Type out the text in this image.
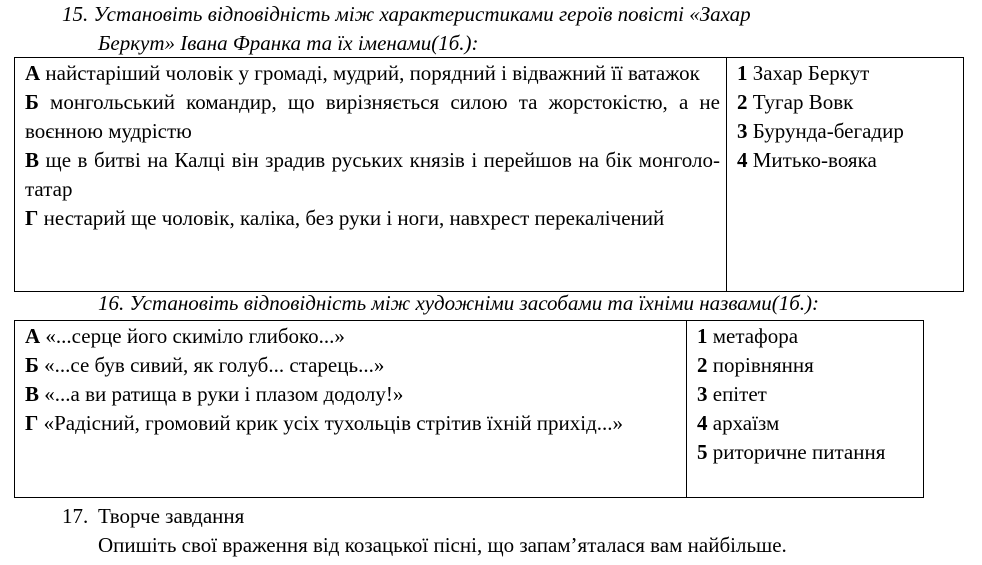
15. Установіть відповідність між характеристиками героїв повісті «Захар
Беркут» Івана Франка та їх іменами(1б.):

А найстаріший чоловік у громаді, мудрий, порядний і відважний її ватажок
Б монгольський командир, що вирізняється силою та жорстокістю, а не воєнною мудрістю
В ще в битві на Калці він зрадив руських князів і перейшов на бік монголо-татар
Г нестарий ще чоловік, каліка, без руки і ноги, навхрест перекалічений

1 Захар Беркут
2 Тугар Вовк
3 Бурунда-бегадир
4 Митько-вояка

16. Установіть відповідність між художніми засобами та їхніми назвами(1б.):

А «...серце його скиміло глибоко...»
Б «...се був сивий, як голуб... старець...»
В «...а ви ратища в руки і плазом додолу!»
Г «Радісний, громовий крик усіх тухольців стрітив їхній прихід...»

1 метафора
2 порівняння
3 епітет
4 архаїзм
5 риторичне питання

17. Творче завдання

Опишіть свої враження від козацької пісні, що запам’яталася вам найбільше.
